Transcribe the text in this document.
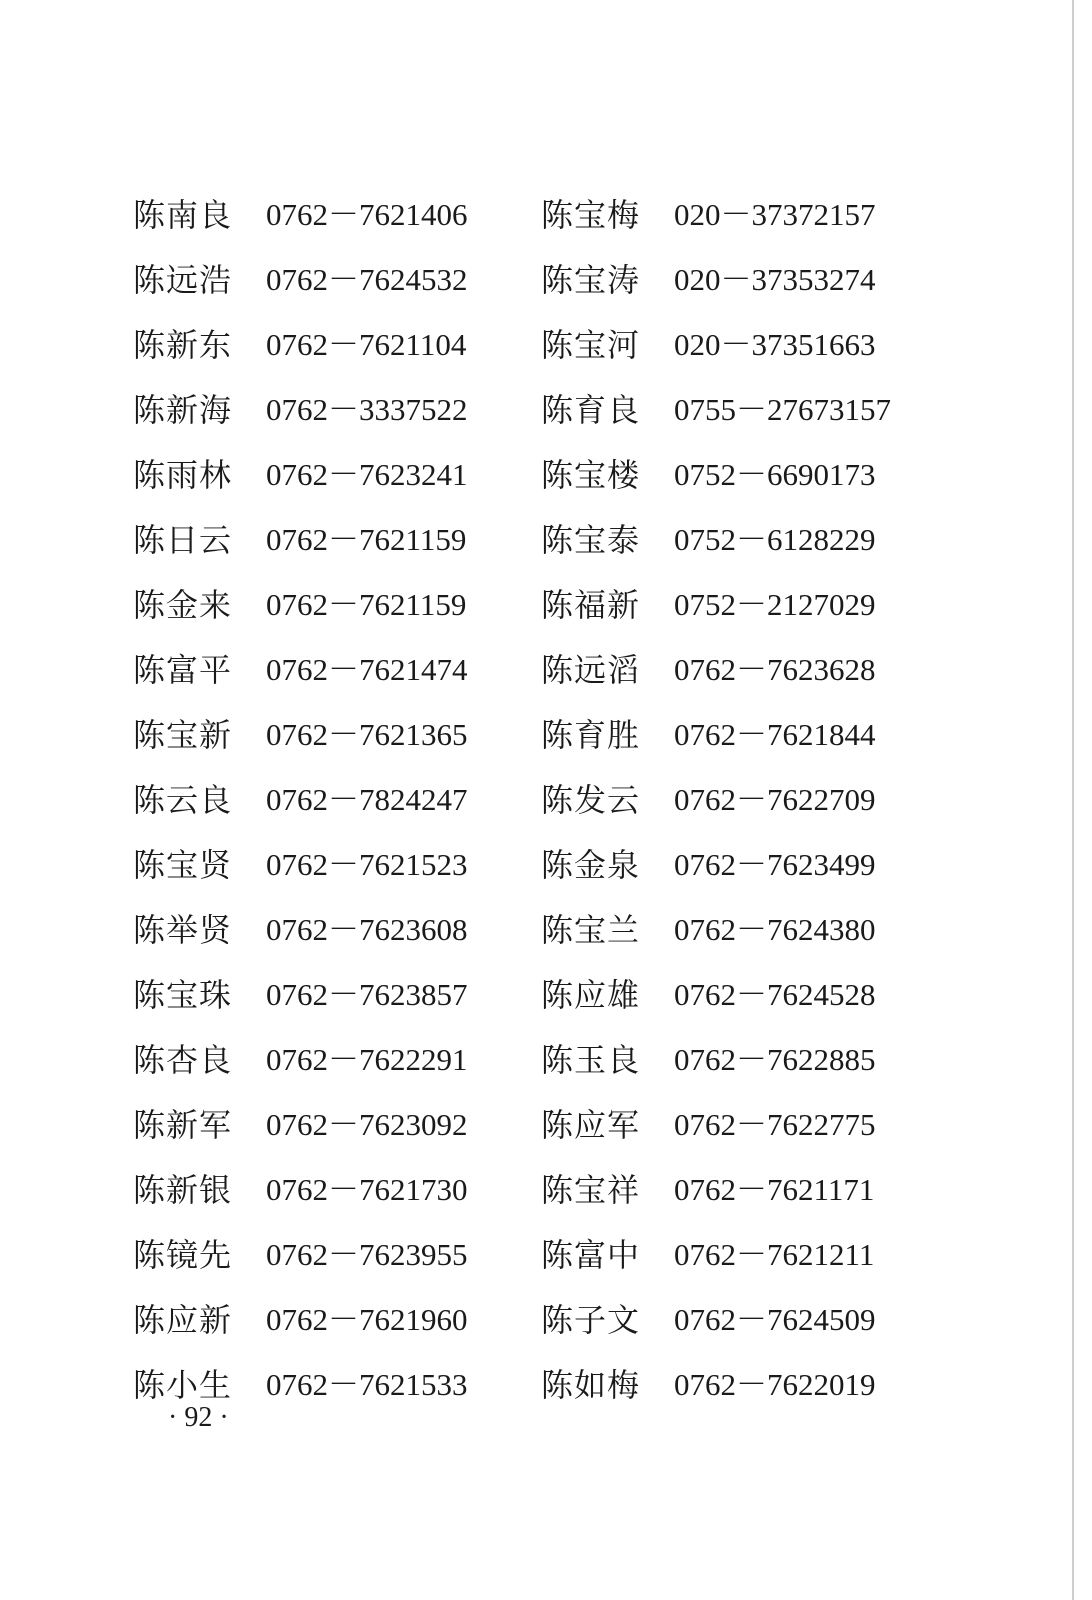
陈南良	0762－7621406 陈宝梅	020－37372157
陈远浩	0762－7624532 陈宝涛	020－37353274
陈新东	0762－7621104 陈宝河	020－37351663
陈新海	0762－3337522 陈育良	0755－27673157
陈雨林	0762－7623241 陈宝楼	0752－6690173
陈日云	0762－7621159 陈宝泰	0752－6128229
陈金来	0762－7621159 陈福新	0752－2127029
陈富平	0762－7621474 陈远滔	0762－7623628
陈宝新	0762－7621365 陈育胜	0762－7621844
陈云良	0762－7824247 陈发云	0762－7622709
陈宝贤	0762－7621523 陈金泉	0762－7623499
陈举贤	0762－7623608 陈宝兰	0762－7624380
陈宝珠	0762－7623857 陈应雄	0762－7624528
陈杏良	0762－7622291 陈玉良	0762－7622885
陈新军	0762－7623092 陈应军	0762－7622775
陈新银	0762－7621730 陈宝祥	0762－7621171
陈镜先	0762－7623955 陈富中	0762－7621211
陈应新	0762－7621960 陈子文	0762－7624509
陈小生	0762－7621533 陈如梅	0762－7622019
· 92 ·
